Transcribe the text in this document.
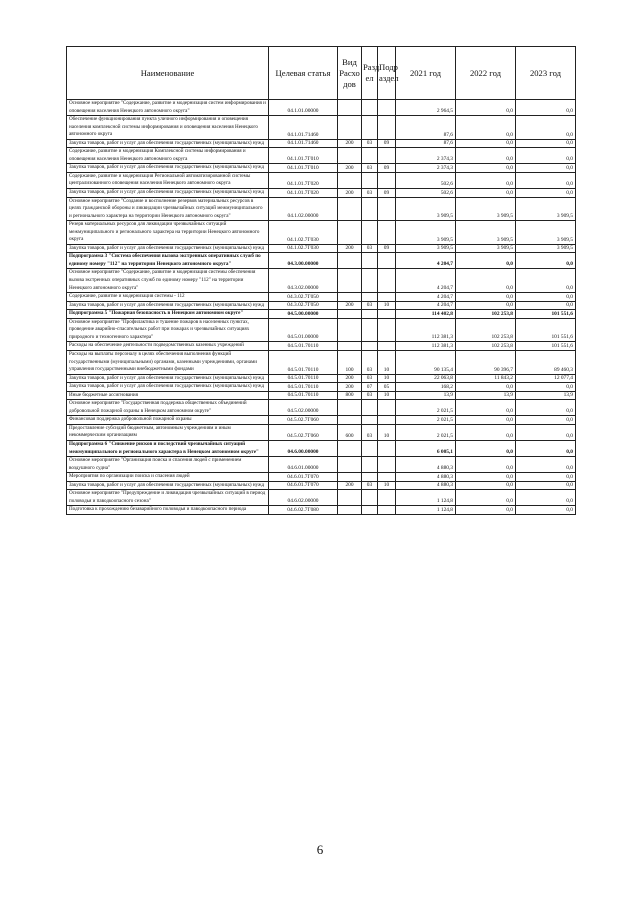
Наименование	Целевая статья	Вид Расхо дов	Разд ел	Подр аздел	2021 год	2022 год	2023 год
Основное мероприятие "Содержание, развитие и модернизация систем информирования и оповещения населения Ненецкого автономного округа"	04.1.01.00000				2 964,5	0,0	0,0
Обеспечение функционирования пункта уличного информирования и оповещения населения комплексной системы информирования и оповещения населения Ненецкого автономного округа	04.1.01.71460				87,6	0,0	0,0
Закупка товаров, работ и услуг для обеспечения государственных (муниципальных) нужд	04.1.01.71460	200	03	09	87,6	0,0	0,0
Содержание, развитие и модернизация Комплексной системы информирования и оповещения населения Ненецкого автономного округа	04.1.01.7Г010				2 374,3	0,0	0,0
Закупка товаров, работ и услуг для обеспечения государственных (муниципальных) нужд	04.1.01.7Г010	200	03	09	2 374,3	0,0	0,0
Содержание, развитие и модернизация Региональной автоматизированной системы централизованного оповещения населения Ненецкого автономного округа	04.1.01.7Г020				502,6	0,0	0,0
Закупка товаров, работ и услуг для обеспечения государственных (муниципальных) нужд	04.1.01.7Г020	200	03	09	502,6	0,0	0,0
Основное мероприятие "Создание и восполнение резервов материальных ресурсов в целях гражданской обороны и ликвидации чрезвычайных ситуаций межмуниципального и регионального характера на территории Ненецкого автономного округа"	04.1.02.00000				3 909,5	3 909,5	3 909,5
Резерв материальных ресурсов для ликвидации чрезвычайных ситуаций межмуниципального и регионального характера на территории Ненецкого автономного округа	04.1.02.7Г030				3 909,5	3 909,5	3 909,5
Закупка товаров, работ и услуг для обеспечения государственных (муниципальных) нужд	04.1.02.7Г030	200	03	09	3 909,5	3 909,5	3 909,5
Подпрограмма 3 "Система обеспечения вызова экстренных оперативных служб по единому номеру "112" на территории Ненецкого автономного округа"	04.3.00.00000				4 204,7	0,0	0,0
Основное мероприятие "Содержание, развитие и модернизация системы обеспечения вызова экстренных оперативных служб по единому номеру "112" на территории Ненецкого автономного округа"	04.3.02.00000				4 204,7	0,0	0,0
Содержание, развитие и модернизация системы - 112	04.3.02.7Г050				4 204,7	0,0	0,0
Закупка товаров, работ и услуг для обеспечения государственных (муниципальных) нужд	04.3.02.7Г050	200	03	10	4 204,7	0,0	0,0
Подпрограмма 5 "Пожарная безопасность в Ненецком автономном округе"	04.5.00.00000				114 402,8	102 253,8	101 551,6
Основное мероприятие "Профилактика и тушение пожаров в населенных пунктах, проведение аварийно-спасательных работ при пожарах и чрезвычайных ситуациях природного и техногенного характера"	04.5.01.00000				112 381,3	102 253,8	101 551,6
Расходы на обеспечение деятельности подведомственных казенных учреждений	04.5.01.70110				112 381,3	102 253,8	101 551,6
Расходы на выплаты персоналу в целях обеспечения выполнения функций государственными (муниципальными) органами, казенными учреждениями, органами управления государственными внебюджетными фондами	04.5.01.70110	100	03	10	90 135,4	90 396,7	89 460,3
Закупка товаров, работ и услуг для обеспечения государственных (муниципальных) нужд	04.5.01.70110	200	03	10	22 063,8	11 843,2	12 077,4
Закупка товаров, работ и услуг для обеспечения государственных (муниципальных) нужд	04.5.01.70110	200	07	05	168,2	0,0	0,0
Иные бюджетные ассигнования	04.5.01.70110	800	03	10	13,9	13,9	13,9
Основное мероприятие "Государственная поддержка общественных объединений добровольной пожарной охраны в Ненецком автономном округе"	04.5.02.00000				2 021,5	0,0	0,0
Финансовая поддержка добровольной пожарной охраны	04.5.02.7Г060				2 021,5	0,0	0,0
Предоставление субсидий бюджетным, автономным учреждениям и иным некоммерческим организациям	04.5.02.7Г060	600	03	10	2 021,5	0,0	0,0
Подпрограмма 6 "Снижение рисков и последствий чрезвычайных ситуаций межмуниципального и регионального характера в Ненецком автономном округе"	04.6.00.00000				6 005,1	0,0	0,0
Основное мероприятие "Организация поиска и спасения людей с применением воздушного судна"	04.6.01.00000				4 880,3	0,0	0,0
Мероприятия по организации поиска и спасения людей	04.6.01.7Г070				4 880,3	0,0	0,0
Закупка товаров, работ и услуг для обеспечения государственных (муниципальных) нужд	04.6.01.7Г070	200	03	10	4 880,3	0,0	0,0
Основное мероприятие "Предупреждение и ликвидация чрезвычайных ситуаций в период половодья и паводкоопасного сезона"	04.6.02.00000				1 124,8	0,0	0,0
Подготовка к прохождению безаварийного половодья и паводкоопасного периода	04.6.02.7Г080				1 124,8	0,0	0,0
6
